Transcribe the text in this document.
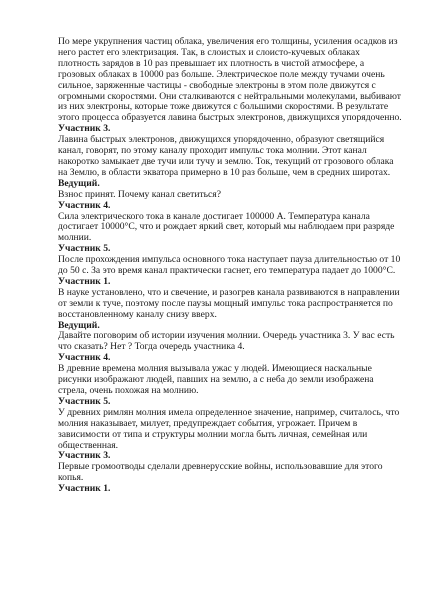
По мере укрупнения частиц облака, увеличения его толщины, усиления осадков из него растет его электризация. Так, в слоистых и слоисто-кучевых облаках плотность зарядов в 10 раз превышает их плотность в чистой атмосфере, а грозовых облаках в 10000 раз больше. Электрическое поле между тучами очень сильное, заряженные частицы - свободные электроны в этом поле движутся с огромными скоростями. Они сталкиваются с нейтральными молекулами, выбивают из них электроны, которые тоже движутся с большими скоростями. В результате этого процесса образуется лавина быстрых электронов, движущихся упорядоченно.

Участник 3.

Лавина быстрых электронов, движущихся упорядоченно, образуют светящийся канал, говорят, по этому каналу проходит импульс тока молнии. Этот канал накоротко замыкает две тучи или тучу и землю. Ток, текущий от грозового облака на Землю, в области экватора примерно в 10 раз больше, чем в средних широтах.

Ведущий.

Взнос принят. Почему канал светиться?

Участник 4.

Сила электрического тока в канале достигает 100000 А. Температура канала достигает 10000°С, что и рождает яркий свет, который мы наблюдаем при разряде молнии.

Участник 5.

После прохождения импульса основного тока наступает пауза длительностью от 10 до 50 с. За это время канал практически гаснет, его температура падает до 1000°С.

Участник 1.

В науке установлено, что и свечение, и разогрев канала развиваются в направлении от земли к туче, поэтому после паузы мощный импульс тока распространяется по восстановленному каналу снизу вверх.

Ведущий.

Давайте поговорим об истории изучения молнии. Очередь участника 3. У вас есть что сказать? Нет ? Тогда очередь участника 4.

Участник 4.

В древние времена молния вызывала ужас у людей. Имеющиеся наскальные рисунки изображают людей, павших на землю, а с неба до земли изображена стрела, очень похожая на молнию.

Участник 5.

У древних римлян молния имела определенное значение, например, считалось, что молния наказывает, милует, предупреждает события, угрожает. Причем в зависимости от типа и структуры молнии могла быть личная, семейная или общественная.

Участник 3.

Первые громоотводы сделали древнерусские войны, использовавшие для этого копья.

Участник 1.
